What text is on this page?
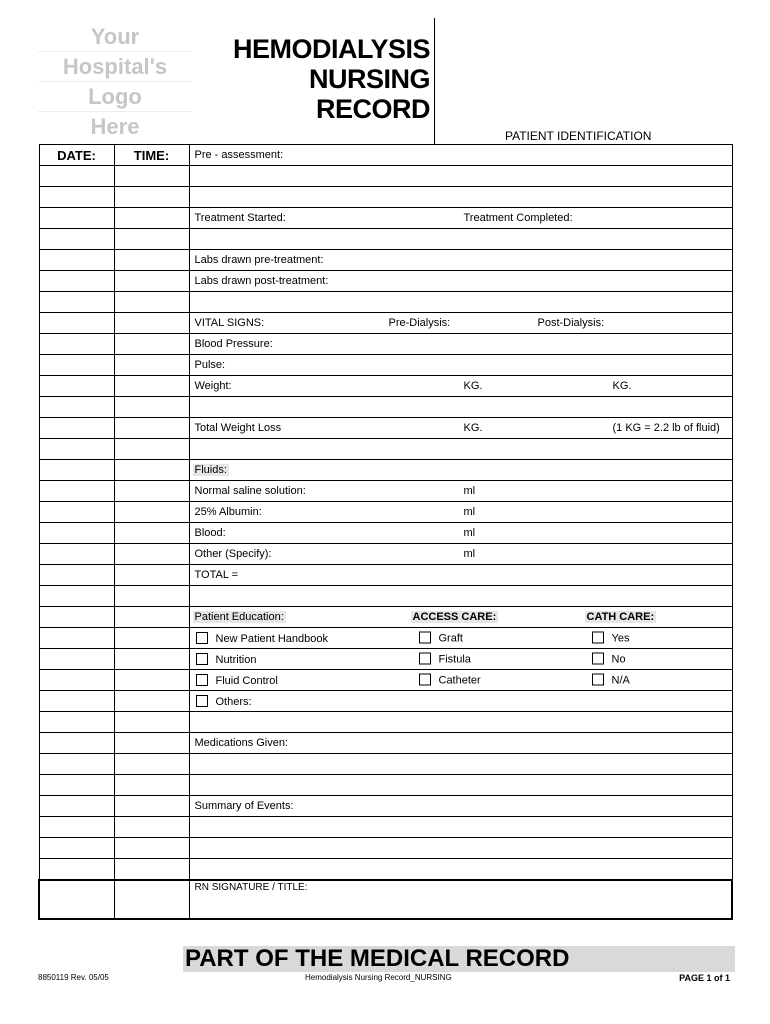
Your
Hospital's
Logo
Here
HEMODIALYSIS
NURSING
RECORD
PATIENT IDENTIFICATION
DATE:	TIME:	Pre - assessment:

		Treatment Started: Treatment Completed:

		Labs drawn pre-treatment:
		Labs drawn post-treatment:

		VITAL SIGNS: Pre-Dialysis: Post-Dialysis:

		Blood Pressure:
		Pulse:
		Weight: KG. KG.

		Total Weight Loss KG. (1 KG = 2.2 lb of fluid)

		Fluids:
		Normal saline solution: ml

		25% Albumin: ml

		Blood: ml

		Other (Specify): ml

		TOTAL =

		Patient Education: ACCESS CARE: CATH CARE:

		New Patient Handbook Graft Yes

		Nutrition Fistula No

		Fluid Control Catheter N/A

		Others:

		Medications Given:

		Summary of Events:

		RN SIGNATURE / TITLE:
PART OF THE MEDICAL RECORD
8850119 Rev. 05/05	Hemodialysis Nursing Record_NURSING	PAGE 1 of 1
